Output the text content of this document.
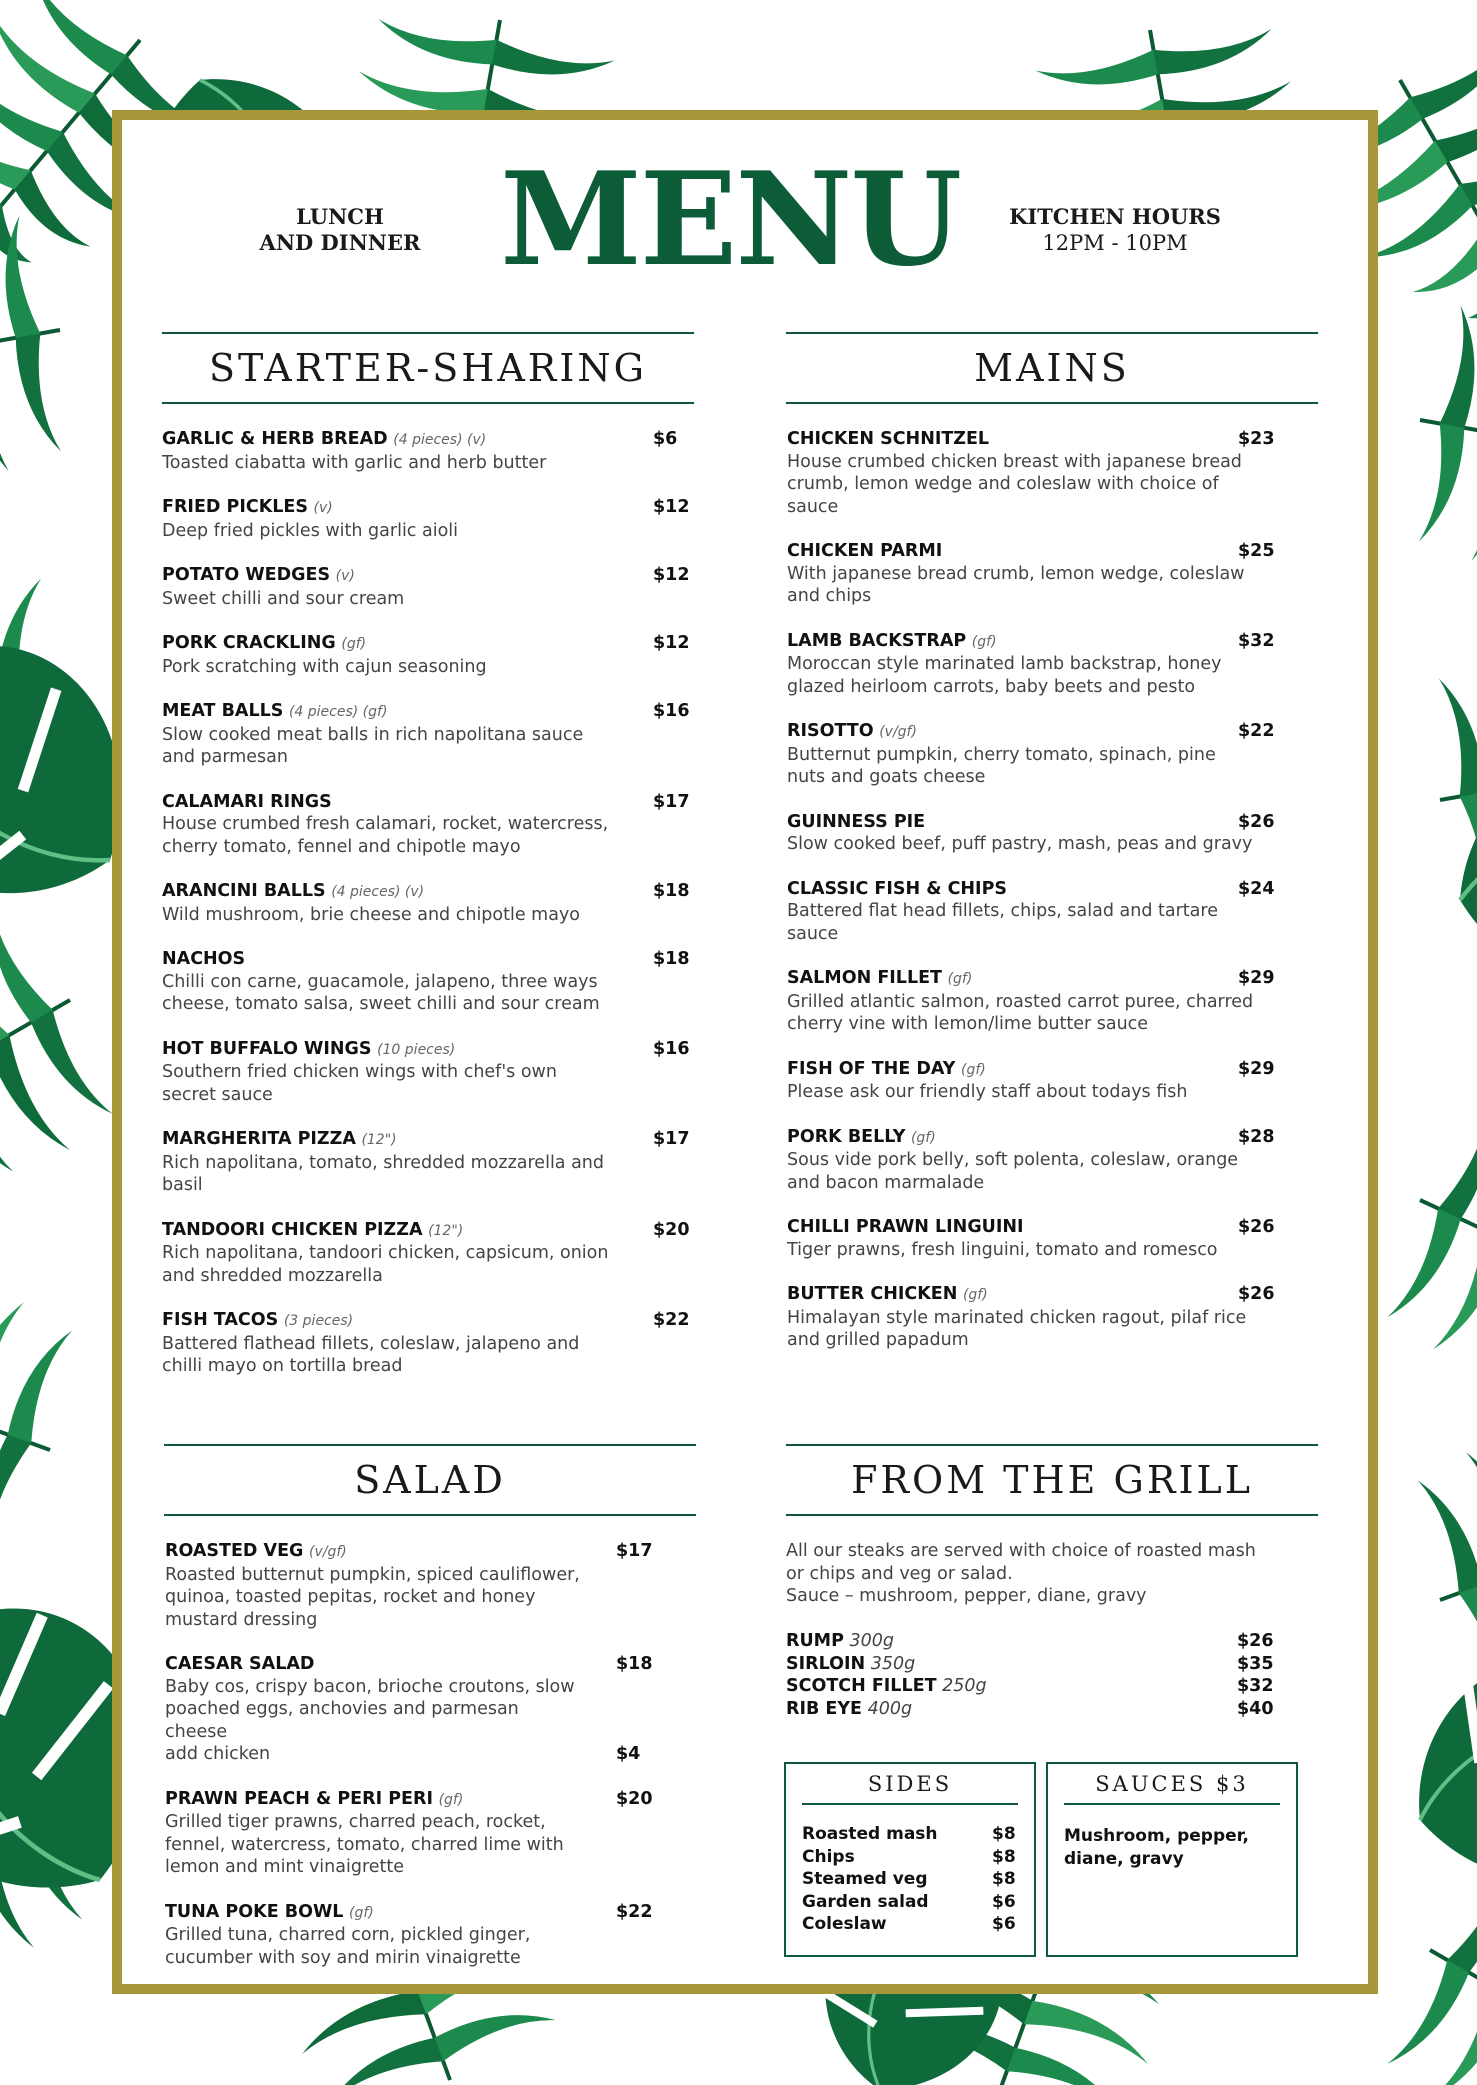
LUNCH
AND DINNER MENU	KITCHEN HOURS
12PM - 10PM
STARTER-SHARING	MAINS
SALAD	FROM THE GRILL
GARLIC & HERB BREAD (4 pieces) (v)	$6
Toasted ciabatta with garlic and herb butter
FRIED PICKLES (v)	$12
Deep fried pickles with garlic aioli
POTATO WEDGES (v)	$12
Sweet chilli and sour cream
PORK CRACKLING (gf)	$12
Pork scratching with cajun seasoning
MEAT BALLS (4 pieces) (gf)	$16
Slow cooked meat balls in rich napolitana sauce and parmesan
CALAMARI RINGS	$17
House crumbed fresh calamari, rocket, watercress, cherry tomato, fennel and chipotle mayo
ARANCINI BALLS (4 pieces) (v)	$18
Wild mushroom, brie cheese and chipotle mayo
NACHOS	$18
Chilli con carne, guacamole, jalapeno, three ways cheese, tomato salsa, sweet chilli and sour cream
HOT BUFFALO WINGS (10 pieces)	$16
Southern fried chicken wings with chef's own secret sauce
MARGHERITA PIZZA (12")	$17
Rich napolitana, tomato, shredded mozzarella and basil
TANDOORI CHICKEN PIZZA (12")	$20
Rich napolitana, tandoori chicken, capsicum, onion and shredded mozzarella
FISH TACOS (3 pieces)	$22
Battered flathead fillets, coleslaw, jalapeno and chilli mayo on tortilla bread
CHICKEN SCHNITZEL	$23
House crumbed chicken breast with japanese bread crumb, lemon wedge and coleslaw with choice of sauce
CHICKEN PARMI	$25
With japanese bread crumb, lemon wedge, coleslaw and chips
LAMB BACKSTRAP (gf)	$32
Moroccan style marinated lamb backstrap, honey glazed heirloom carrots, baby beets and pesto
RISOTTO (v/gf)	$22
Butternut pumpkin, cherry tomato, spinach, pine nuts and goats cheese
GUINNESS PIE	$26
Slow cooked beef, puff pastry, mash, peas and gravy
CLASSIC FISH & CHIPS	$24
Battered flat head fillets, chips, salad and tartare sauce
SALMON FILLET (gf)	$29
Grilled atlantic salmon, roasted carrot puree, charred cherry vine with lemon/lime butter sauce
FISH OF THE DAY (gf)	$29
Please ask our friendly staff about todays fish
PORK BELLY (gf)	$28
Sous vide pork belly, soft polenta, coleslaw, orange and bacon marmalade
CHILLI PRAWN LINGUINI	$26
Tiger prawns, fresh linguini, tomato and romesco
BUTTER CHICKEN (gf)	$26
Himalayan style marinated chicken ragout, pilaf rice and grilled papadum
ROASTED VEG (v/gf)	$17
Roasted butternut pumpkin, spiced cauliflower, quinoa, toasted pepitas, rocket and honey mustard dressing
CAESAR SALAD	$18
Baby cos, crispy bacon, brioche croutons, slow poached eggs, anchovies and parmesan cheese
add chicken	$4
PRAWN PEACH & PERI PERI (gf)	$20
Grilled tiger prawns, charred peach, rocket, fennel, watercress, tomato, charred lime with lemon and mint vinaigrette
TUNA POKE BOWL (gf)	$22
Grilled tuna, charred corn, pickled ginger, cucumber with soy and mirin vinaigrette
All our steaks are served with choice of roasted mash or chips and veg or salad.
Sauce – mushroom, pepper, diane, gravy
RUMP 300g	$26
SIRLOIN 350g	$35
SCOTCH FILLET 250g	$32
RIB EYE 400g	$40
SIDES
Roasted mash	$8
Chips	$8
Steamed veg	$8
Garden salad	$6
Coleslaw	$6
SAUCES $3
Mushroom, pepper, diane, gravy
